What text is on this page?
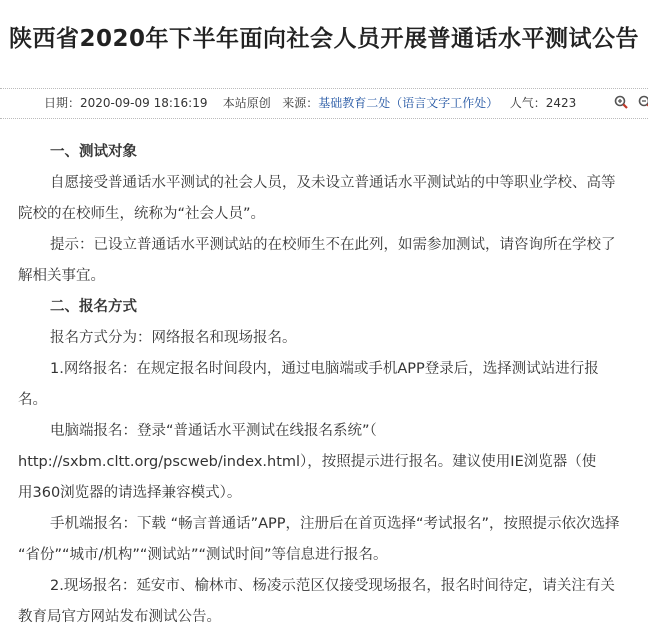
陕西省2020年下半年面向社会人员开展普通话水平测试公告
日期：2020-09-09 18:16:19 本站原创 来源：基础教育二处（语言文字工作处） 人气：2423

一、测试对象

自愿接受普通话水平测试的社会人员，及未设立普通话水平测试站的中等职业学校、高等
院校的在校师生，统称为“社会人员”。

提示：已设立普通话水平测试站的在校师生不在此列，如需参加测试，请咨询所在学校了
解相关事宜。

二、报名方式

报名方式分为：网络报名和现场报名。

1.网络报名：在规定报名时间段内，通过电脑端或手机APP登录后，选择测试站进行报
名。

电脑端报名：登录“普通话水平测试在线报名系统”（
http://sxbm.cltt.org/pscweb/index.html），按照提示进行报名。建议使用IE浏览器（使
用360浏览器的请选择兼容模式）。

手机端报名：下载 “畅言普通话”APP，注册后在首页选择“考试报名”，按照提示依次选择
“省份”“城市/机构”“测试站”“测试时间”等信息进行报名。

2.现场报名：延安市、榆林市、杨凌示范区仅接受现场报名，报名时间待定，请关注有关
教育局官方网站发布测试公告。
